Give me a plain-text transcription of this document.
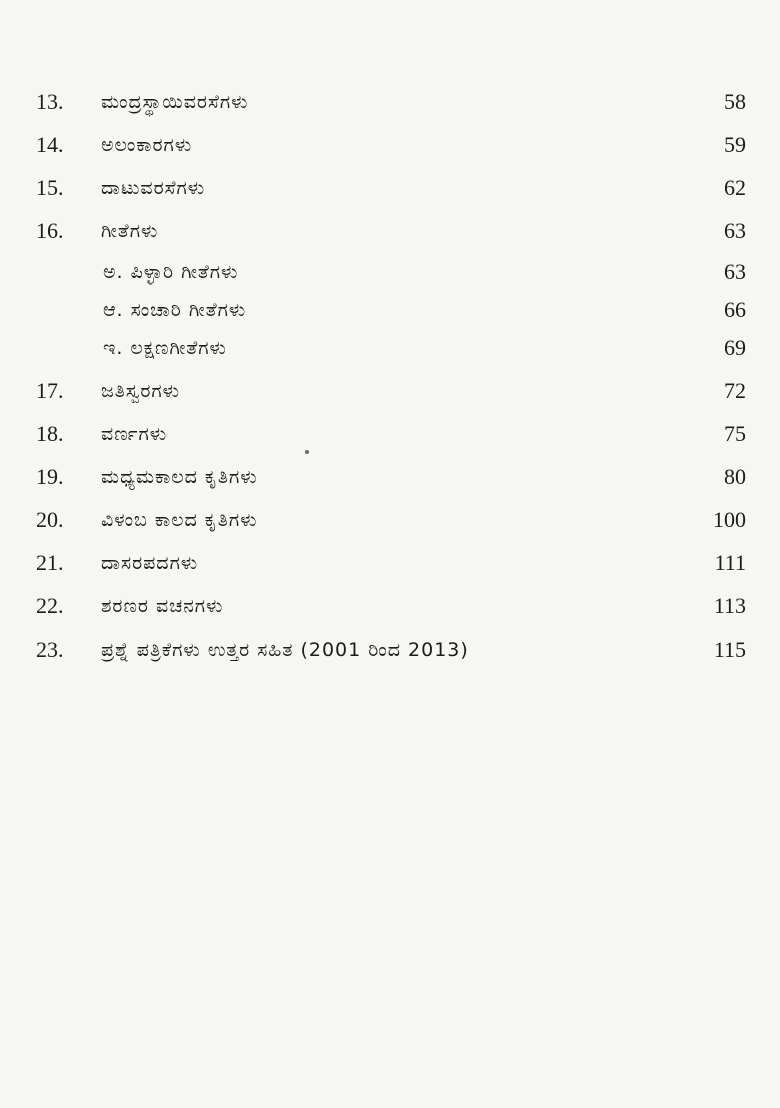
13. ಮಂದ್ರಸ್ಥಾಯಿವರಸೆಗಳು	58
14. ಅಲಂಕಾರಗಳು	59
15. ದಾಟುವರಸೆಗಳು	62
16. ಗೀತೆಗಳು	63
ಅ. ಪಿಳ್ಳಾರಿ ಗೀತೆಗಳು	63
ಆ. ಸಂಚಾರಿ ಗೀತೆಗಳು	66
ಇ. ಲಕ್ಷಣಗೀತೆಗಳು	69
17. ಜತಿಸ್ವರಗಳು	72
18. ವರ್ಣಗಳು	75
19. ಮಧ್ಯಮಕಾಲದ ಕೃತಿಗಳು	80
20. ವಿಳಂಬ ಕಾಲದ ಕೃತಿಗಳು	100
21. ದಾಸರಪದಗಳು	111
22. ಶರಣರ ವಚನಗಳು	113
23. ಪ್ರಶ್ನೆ ಪತ್ರಿಕೆಗಳು ಉತ್ತರ ಸಹಿತ (2001 ರಿಂದ 2013)	115
